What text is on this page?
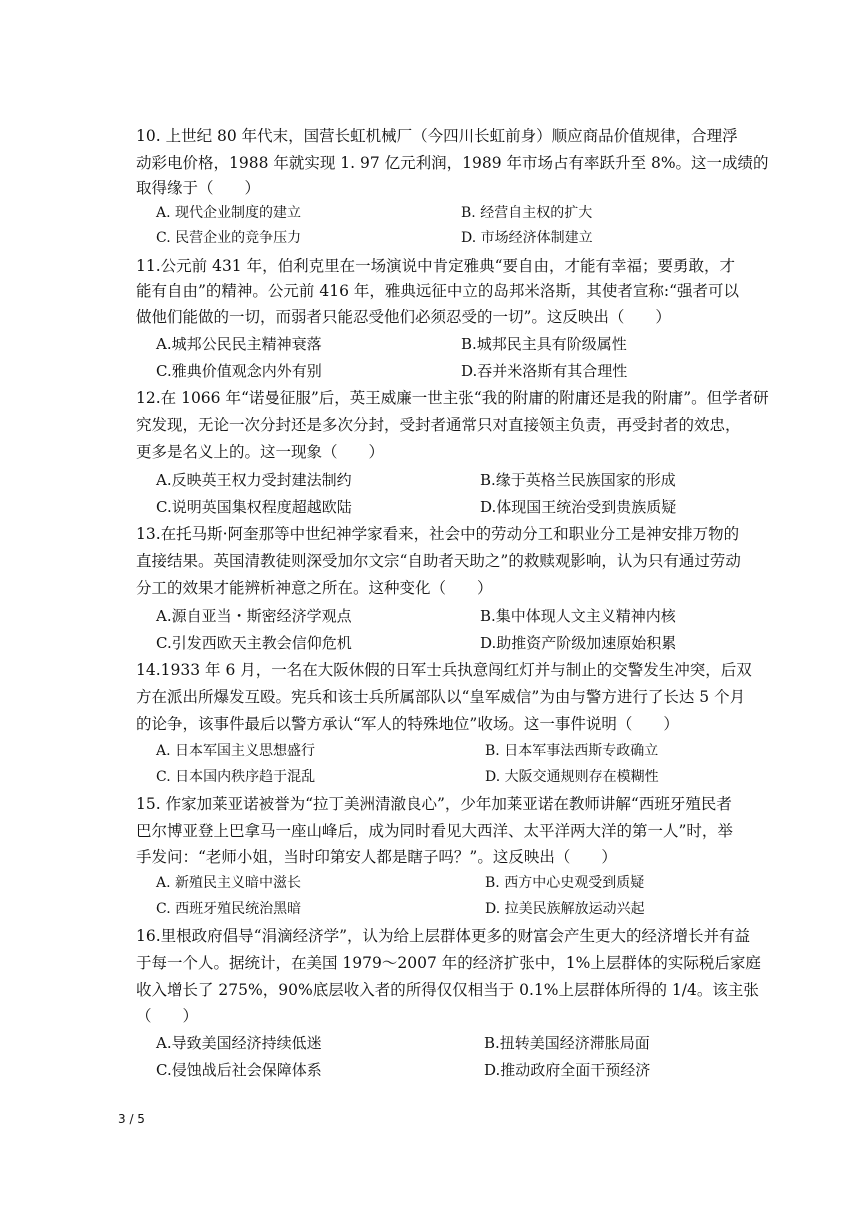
10. 上世纪 80 年代末，国营长虹机械厂（今四川长虹前身）顺应商品价值规律，合理浮
动彩电价格，1988 年就实现 1. 97 亿元利润，1989 年市场占有率跃升至 8%。这一成绩的
取得缘于（　　）
A. 现代企业制度的建立	B. 经营自主权的扩大
C. 民营企业的竞争压力	D. 市场经济体制建立
11.公元前 431 年，伯利克里在一场演说中肯定雅典“要自由，才能有幸福；要勇敢，才
能有自由”的精神。公元前 416 年，雅典远征中立的岛邦米洛斯，其使者宣称:“强者可以
做他们能做的一切，而弱者只能忍受他们必须忍受的一切”。这反映出（　　）
A.城邦公民民主精神衰落	B.城邦民主具有阶级属性
C.雅典价值观念内外有别	D.吞并米洛斯有其合理性
12.在 1066 年“诺曼征服”后，英王威廉一世主张“我的附庸的附庸还是我的附庸”。但学者研
究发现，无论一次分封还是多次分封，受封者通常只对直接领主负责，再受封者的效忠，
更多是名义上的。这一现象（　　）
A.反映英王权力受封建法制约	B.缘于英格兰民族国家的形成
C.说明英国集权程度超越欧陆	D.体现国王统治受到贵族质疑
13.在托马斯·阿奎那等中世纪神学家看来，社会中的劳动分工和职业分工是神安排万物的
直接结果。英国清教徒则深受加尔文宗“自助者天助之”的救赎观影响，认为只有通过劳动
分工的效果才能辨析神意之所在。这种变化（　　）
A.源自亚当・斯密经济学观点	B.集中体现人文主义精神内核
C.引发西欧天主教会信仰危机	D.助推资产阶级加速原始积累
14.1933 年 6 月，一名在大阪休假的日军士兵执意闯红灯并与制止的交警发生冲突，后双
方在派出所爆发互殴。宪兵和该士兵所属部队以“皇军威信”为由与警方进行了长达 5 个月
的论争，该事件最后以警方承认“军人的特殊地位”收场。这一事件说明（　　）
A. 日本军国主义思想盛行	B. 日本军事法西斯专政确立
C. 日本国内秩序趋于混乱	D. 大阪交通规则存在模糊性
15. 作家加莱亚诺被誉为“拉丁美洲清澈良心”，少年加莱亚诺在教师讲解“西班牙殖民者
巴尔博亚登上巴拿马一座山峰后，成为同时看见大西洋、太平洋两大洋的第一人”时，举
手发问：“老师小姐，当时印第安人都是瞎子吗？”。这反映出（　　）
A. 新殖民主义暗中滋长	B. 西方中心史观受到质疑
C. 西班牙殖民统治黑暗	D. 拉美民族解放运动兴起
16.里根政府倡导“涓滴经济学”，认为给上层群体更多的财富会产生更大的经济增长并有益
于每一个人。据统计，在美国 1979～2007 年的经济扩张中，1%上层群体的实际税后家庭
收入增长了 275%，90%底层收入者的所得仅仅相当于 0.1%上层群体所得的 1/4。该主张
（　　）
A.导致美国经济持续低迷	B.扭转美国经济滞胀局面
C.侵蚀战后社会保障体系	D.推动政府全面干预经济
3 / 5
